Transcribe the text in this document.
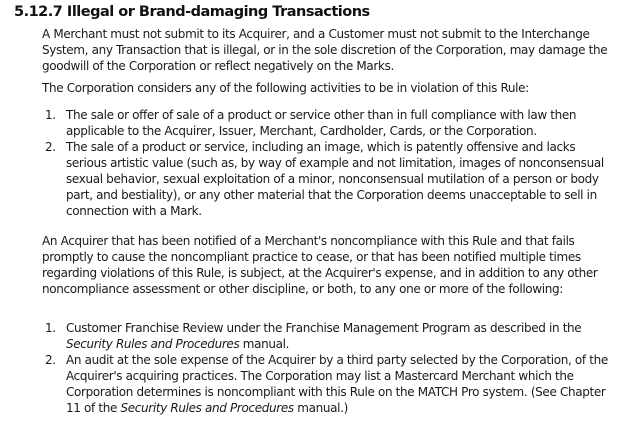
5.12.7 Illegal or Brand-damaging Transactions
A Merchant must not submit to its Acquirer, and a Customer must not submit to the Interchange System, any Transaction that is illegal, or in the sole discretion of the Corporation, may damage the goodwill of the Corporation or reflect negatively on the Marks.
The Corporation considers any of the following activities to be in violation of this Rule:
1. The sale or offer of sale of a product or service other than in full compliance with law then applicable to the Acquirer, Issuer, Merchant, Cardholder, Cards, or the Corporation.
2. The sale of a product or service, including an image, which is patently offensive and lacks serious artistic value (such as, by way of example and not limitation, images of nonconsensual sexual behavior, sexual exploitation of a minor, nonconsensual mutilation of a person or body part, and bestiality), or any other material that the Corporation deems unacceptable to sell in connection with a Mark.
An Acquirer that has been notified of a Merchant's noncompliance with this Rule and that fails promptly to cause the noncompliant practice to cease, or that has been notified multiple times regarding violations of this Rule, is subject, at the Acquirer's expense, and in addition to any other noncompliance assessment or other discipline, or both, to any one or more of the following:
1. Customer Franchise Review under the Franchise Management Program as described in the Security Rules and Procedures manual.
2. An audit at the sole expense of the Acquirer by a third party selected by the Corporation, of the Acquirer's acquiring practices. The Corporation may list a Mastercard Merchant which the Corporation determines is noncompliant with this Rule on the MATCH Pro system. (See Chapter 11 of the Security Rules and Procedures manual.)
